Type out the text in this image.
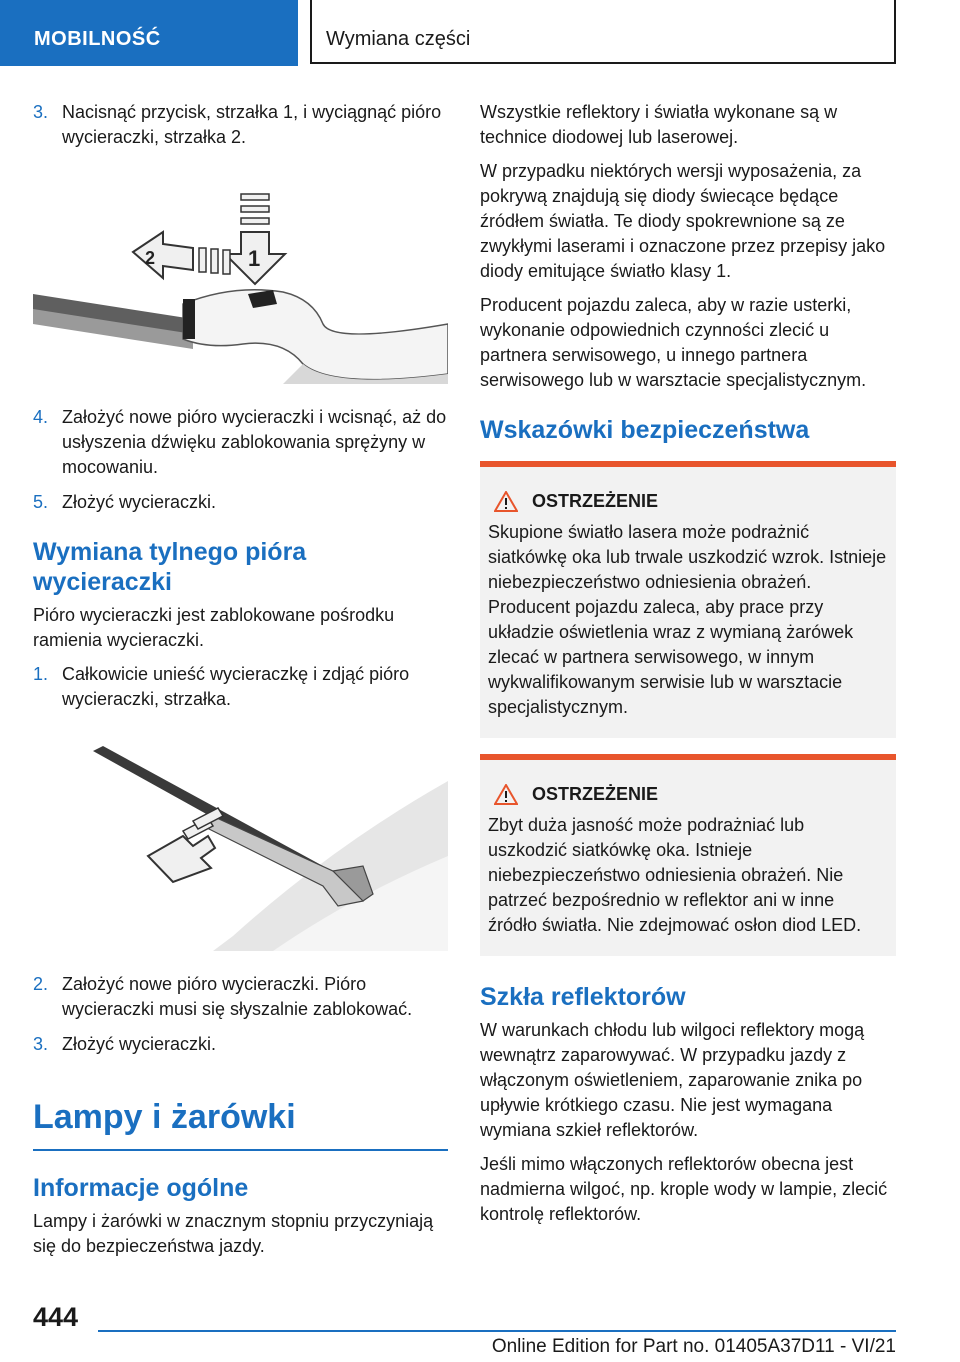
MOBILNOŚĆ	Wymiana części
3. Nacisnąć przycisk, strzałka 1, i wyciągnąć pióro wycieraczki, strzałka 2.
1
2
4. Założyć nowe pióro wycieraczki i wcisnąć, aż do usłyszenia dźwięku zablokowania sprężyny w mocowaniu.
5. Złożyć wycieraczki.
Wymiana tylnego pióra wycieraczki

Pióro wycieraczki jest zablokowane pośrodku ramienia wycieraczki.

1. Całkowicie unieść wycieraczkę i zdjąć pióro wycieraczki, strzałka.
2. Założyć nowe pióro wycieraczki. Pióro wycieraczki musi się słyszalnie zablokować.
3. Złożyć wycieraczki.
Lampy i żarówki
Informacje ogólne

Lampy i żarówki w znacznym stopniu przyczyniają się do bezpieczeństwa jazdy.

Wszystkie reflektory i światła wykonane są w technice diodowej lub laserowej.

W przypadku niektórych wersji wyposażenia, za pokrywą znajdują się diody świecące będące źródłem światła. Te diody spokrewnione są ze zwykłymi laserami i oznaczone przez przepisy jako diody emitujące światło klasy 1.

Producent pojazdu zaleca, aby w razie usterki, wykonanie odpowiednich czynności zlecić u partnera serwisowego, u innego partnera serwisowego lub w warsztacie specjalistycznym.

Wskazówki bezpieczeństwa
OSTRZEŻENIE
Skupione światło lasera może podrażnić siatkówkę oka lub trwale uszkodzić wzrok. Istnieje niebezpieczeństwo odniesienia obrażeń. Producent pojazdu zaleca, aby prace przy układzie oświetlenia wraz z wymianą żarówek zlecać w partnera serwisowego, w innym wykwalifikowanym serwisie lub w warsztacie specjalistycznym.
OSTRZEŻENIE
Zbyt duża jasność może podrażniać lub uszkodzić siatkówkę oka. Istnieje niebezpieczeństwo odniesienia obrażeń. Nie patrzeć bezpośrednio w reflektor ani w inne źródło światła. Nie zdejmować osłon diod LED.
Szkła reflektorów

W warunkach chłodu lub wilgoci reflektory mogą wewnątrz zaparowywać. W przypadku jazdy z włączonym oświetleniem, zaparowanie znika po upływie krótkiego czasu. Nie jest wymagana wymiana szkieł reflektorów.

Jeśli mimo włączonych reflektorów obecna jest nadmierna wilgoć, np. krople wody w lampie, zlecić kontrolę reflektorów.

444
Online Edition for Part no. 01405A37D11 - VI/21
